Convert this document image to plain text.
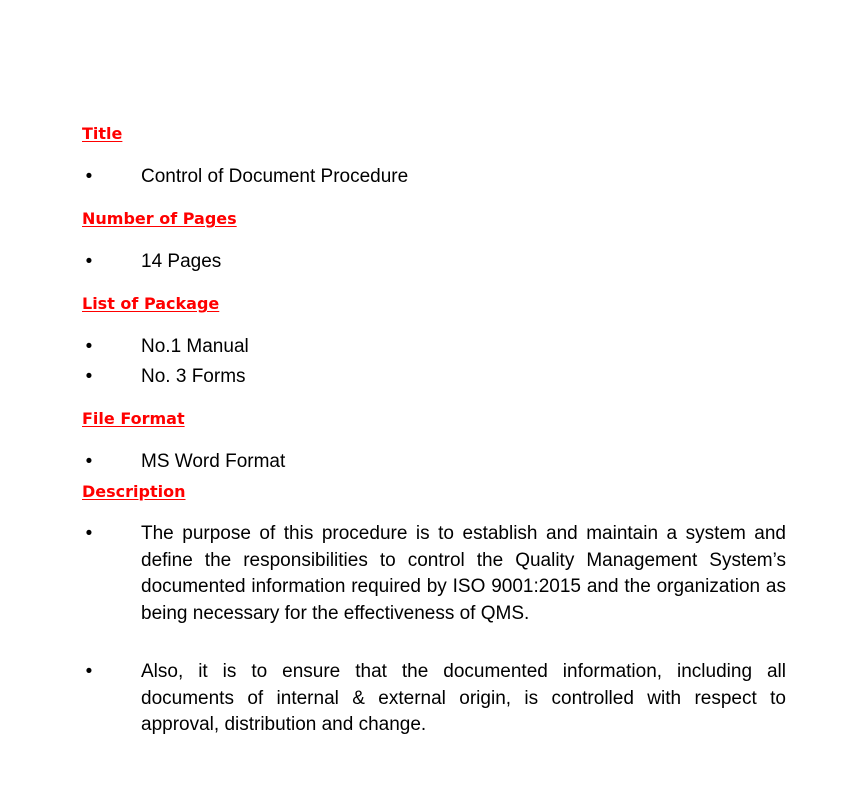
Title
•	Control of Document Procedure
Number of Pages
•	14 Pages
List of Package
•	No.1 Manual
•	No. 3 Forms
File Format
•	MS Word Format
Description
•	The purpose of this procedure is to establish and maintain a system and define the responsibilities to control the Quality Management System’s documented information required by ISO 9001:2015 and the organization as being necessary for the effectiveness of QMS.
•	Also, it is to ensure that the documented information, including all documents of internal & external origin, is controlled with respect to approval, distribution and change.
